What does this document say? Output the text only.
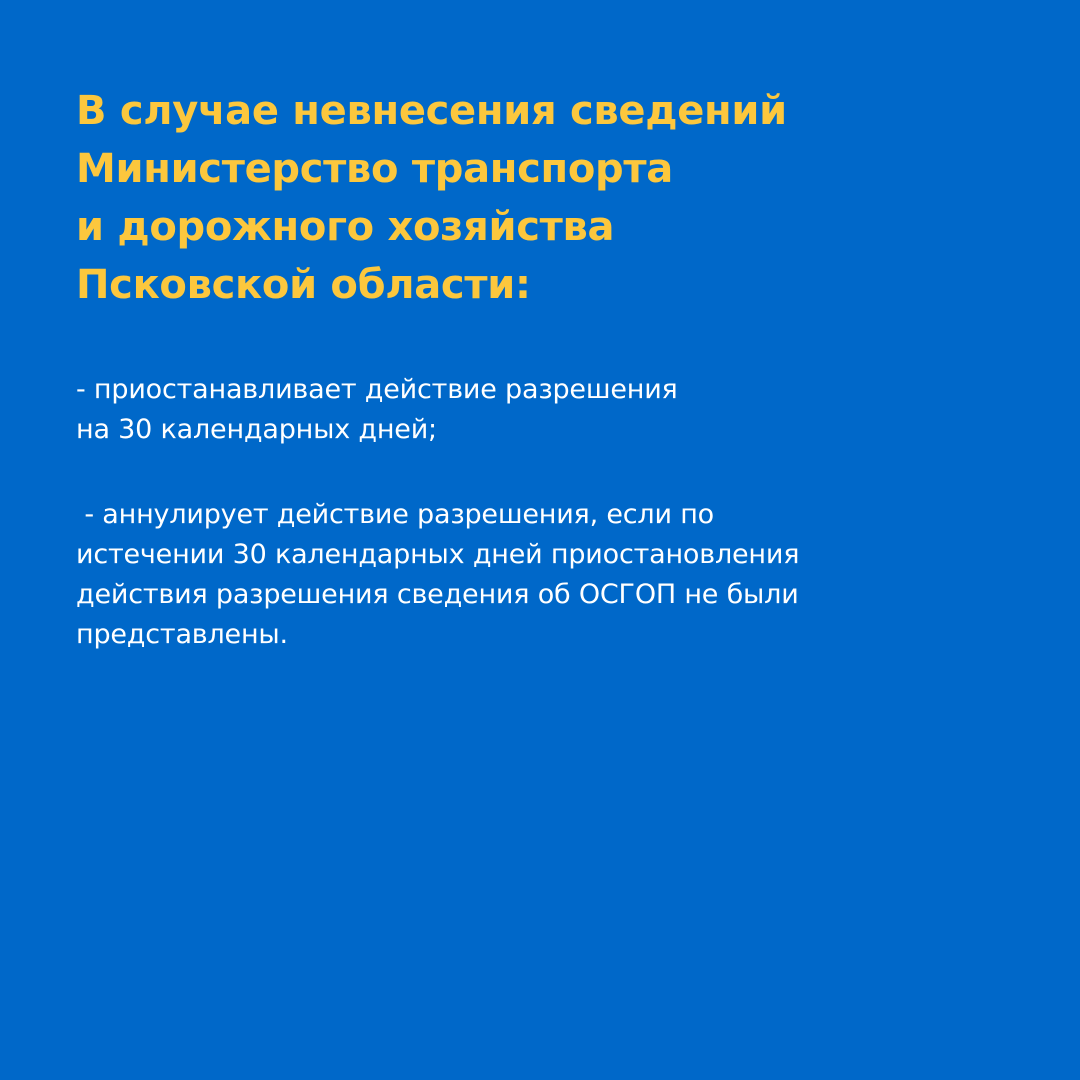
В случае невнесения сведений
Министерство транспорта
и дорожного хозяйства
Псковской области:

- приостанавливает действие разрешения
на 30 календарных дней;

- аннулирует действие разрешения, если по
истечении 30 календарных дней приостановления
действия разрешения сведения об ОСГОП не были
представлены.
